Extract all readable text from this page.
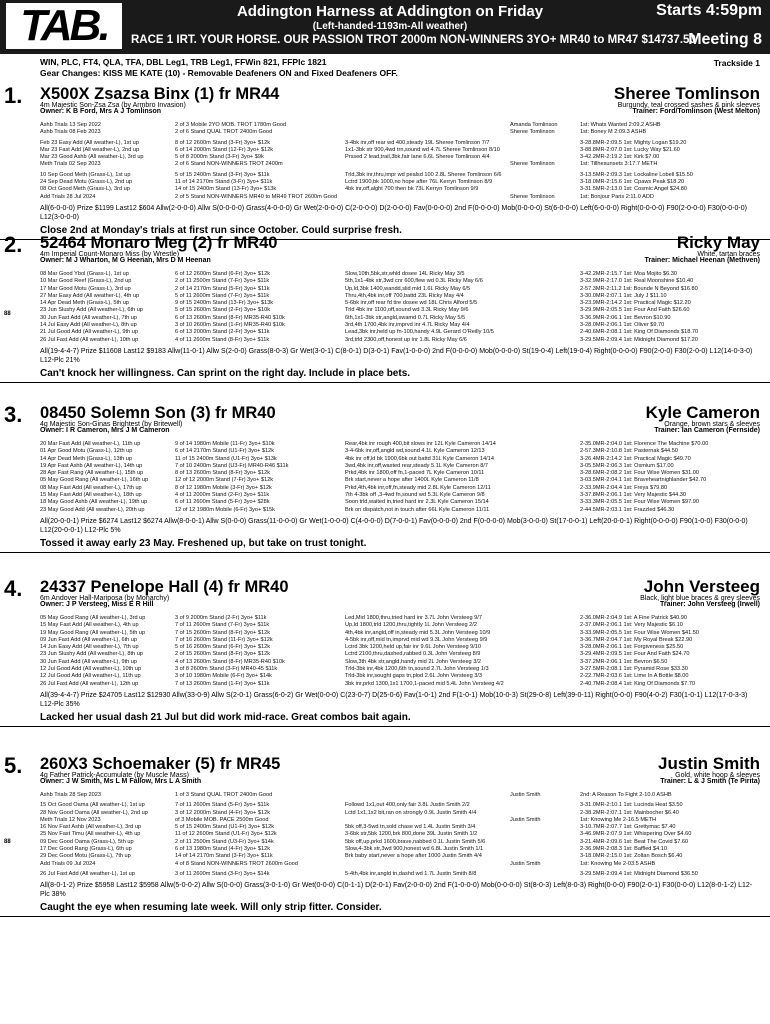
TAB.	Addington Harness at Addington on Friday
(Left-handed-1193m-All weather)
RACE 1 IRT. YOUR HORSE. OUR PASSION TROT 2000m NON-WINNERS 3YO+ MR40 to MR47 $14737.50
Starts 4:59pm
Meeting 8
WIN, PLC, FT4, QLA, TFA, DBL Leg1, TRB Leg1, FFWin 821, FFPlc 1821
Gear Changes: KISS ME KATE (10) - Removable Deafeners ON and Fixed Deafeners OFF.
Trackside 1
1. X500X Zsazsa Binx (1) fr MR44	Sheree Tomlinson
4m Majestic Son-Zsa Zsa (by Armbro Invasion)
Owner: K B Ford, Mrs A J Tomlinson
Burgundy, teal crossed sashes & pink sleeves
Trainer: Ford/Tomlinson (West Melton)
Ashb Trials 13 Sep 2022	2 of 3 Mobile 2YO MOB. TROT 1780m Good	Amanda Tomlinson	1st: Whats Wanted 2:09.2 ASHB
Ashb Trials 08 Feb 2023	2 of 6 Stand QUAL TROT 2400m Good	Sheree Tomlinson	1st: Boney M 2:09.3 ASHB
Feb 23 Easy Add (All weather-L), 1st up	8 of 12 2600m Stand (3-Fr) 3yo+ $12k	3-4bk inr,off rear wd 400,steady 19L Sheree Tomlinson 7/7	3-28.8MR-2:09.5 1st: Mighty Logan $19.20
Mar 23 Fast Add (All weather-L), 2nd up	6 of 14 2000m Stand (12-Fr) 3yo+ $12k	1x1-3bk str 900,4wd trn,sound wd 4.7L Sheree Tomlinson 8/10	3-88.8MR-2:07.0 1st: Lucky Way $21.60
Mar 23 Good Ashb (All weather-L), 3rd up	5 of 8 2000m Stand (3-Fr) 3yo+ $9k	Prssed 2 lead,trail,3bk,fair lane 6.6L Sheree Tomlinson 4/4	3-42.2MR-2:19.2 1st: Kirk $7.00
Meth Trials 02 Sep 2023	2 of 6 Stand NON-WINNERS TROT 2400m	Sheree Tomlinson	1st: Tillhesunsets 3:17.7 METH
10 Sep Good Meth (Grass-L), 1st up	5 of 15 2400m Stand (3-Fr) 3yo+ $11k	Trld,3bk inr,thru,impr wd pealsd 100 2.8L Sheree Tomlinson 6/6	3-13.5MR-2:09.3 1st: Lockaline Lobell $15.50
24 Sep Dead Motu (Grass-L), 2nd up	11 of 14 2170m Stand (3-Fr) 3yo+ $11k	Lctrd 1900,bk 1000,no hope after 76L Kerryn Tomlinson 8/9	3-18.0MR-2:15.6 1st: Cpaws Peak $18.20
08 Oct Good Meth (Grass-L), 3rd up	14 of 15 2400m Stand (13-Fr) 3yo+ $13k	4bk inr,off,alght 700 then bk 73L Kerryn Tomlinson 9/9	3-31.5MR-2:13.0 1st: Cosmic Angel $24.80
Add Trials 28 Jul 2024	2 of 5 Stand NON-WINNERS MR40 to MR49 TROT 2600m Good	Sheree Tomlinson	1st: Bonjour Paris 2:11.0 ADD
All(6-0-0-0) Prize $1199 Last12 $604 Allw(2-0-0-0) Allw S(0-0-0-0) Grass(4-0-0-0) Gr Wet(2-0-0-0) C(2-0-0-0) D(2-0-0-0) Fav(0-0-0-0) 2nd F(0-0-0-0) Mob(0-0-0-0) St(6-0-0-0) Left(6-0-0-0) Right(0-0-0-0) F90(2-0-0-0) F30(0-0-0-0) L12(3-0-0-0)
Close 2nd at Monday's trials at first run since October. Could surprise fresh.
2. 52464 Monaro Meg (2) fr MR40	Ricky May
4m Imperial Count-Monaro Miss (by Wrestle)
Owner: M J Wharton, M G Heenan, Mrs D M Heenan
White, tartan braces
Trainer: Michael Heenan (Methven)
08 Mar Good Ybol (Grass-L), 1st up	6 of 12 2600m Stand (6-Fr) 3yo+ $12k	Slow,10th,5bk,str,whld dosee 14L Ricky May 3/5	3-42.2MR-2:15.7 1st: Moa Mojito $6.30
10 Mar Good Reef (Grass-L), 2nd up	2 of 11 2500m Stand (7-Fr) 3yo+ $11k	5th,1x1-4bk str,3wd cnr 600,flew wd 0.3L Ricky May 6/6	3-32.9MR-2:17.0 1st: Real Moonshine $10.40
17 Mar Good Motu (Grass-L), 3rd up	2 of 14 2170m Stand (5-Fr) 3yo+ $11k	Up,ld,3bk 1400,wandd,slid mid 1.6L Ricky May 6/5	2-57.3MR-2:11.2 1st: Bounde N Beyond $16.80
27 Mar Easy Add (All weather-L), 4th up	5 of 11 2600m Stand (7-Fr) 3yo+ $11k	Thru,4th,4bk inr,off 700,battd 23L Ricky May 4/4	3-30.0MR-2:07.1 1st: July J $11.10
14 Apr Dead Meth (Grass-L), 5th up	9 of 15 2400m Stand (13-Fr) 3yo+ $13k	5-6bk inr,off rear fd tire dosee wd 18L Chris Alford 5/5	3-23.9MR-2:14.2 1st: Practical Magic $12.20
23 Jun Slushy Add (All weather-L), 6th up	5 of 15 2600m Stand (2-Fr) 3yo+ $10k	Trld 4bk inr 1100,off,sound wd 3.3L Ricky May 9/6	3-29.9MR-2:05.5 1st: Four And Faith $26.60
30 Jun Fast Add (All weather-L), 7th up	6 of 13 2600m Stand (8-Fr) MR35-R40 $10k	6th,1x1-3bk str,angld,swamd 0.7L Ricky May 5/5	3-36.9MR-2:06.1 1st: Bevron $10.90
14 Jul Easy Add (All weather-L), 8th up	3 of 10 2600m Stand (1-Fr) MR35-R40 $10k	3rd,4th 1700,4bk inr,imprvd inr 4.7L Ricky May 4/4	3-28.0MR-2:06.1 1st: Oliver $9.70
21 Jul Good Add (All weather-L), 9th up	6 of 13 2000m Stand (2-Fr) 3yo+ $11k	Lead,3bk inr,held up fn-100,handy 4.9L Gerard O'Reilly 10/5	2-40.6MR-2:08.1 1st: King Of Diamonds $18.70
26 Jul Fast Add (All weather-L), 10th up	4 of 11 2600m Stand (8-Fr) 3yo+ $11k	3rd,trld 2300,off,honest up inr 1.8L Ricky May 6/6	3-29.5MR-2:09.4 1st: Midnight Diamond $17.20
88
All(19-4-4-7) Prize $11608 Last12 $9183 Allw(11-0-1) Allw S(2-0-0) Grass(8-0-3) Gr Wet(3-0-1) C(8-0-1) D(3-0-1) Fav(1-0-0-0) 2nd F(0-0-0-0) Mob(0-0-0-0) St(19-0-4) Left(19-0-4) Right(0-0-0-0) F90(2-0-0) F30(2-0-0) L12(14-0-3-0) L12-Plc 21%
Can't knock her willingness. Can sprint on the right day. Include in place bets.
3. 08450 Solemn Son (3) fr MR40	Kyle Cameron
4g Majestic Son-Ginas Brightest (by Britewell)
Owner: I R Cameron, Mrs J M Cameron
Orange, brown stars & sleeves
Trainer: Ian Cameron (Fernside)
20 Mar Fast Add (All weather-L), 11th up	9 of 14 1980m Mobile (11-Fr) 3yo+ $10k	Rear,4bk inr rough 400,bit slows inr 12L Kyle Cameron 14/14	2-35.0MR-2:04.0 1st: Florence The Machine $70.00
01 Apr Good Motu (Grass-L), 12th up	6 of 14 2170m Stand (U1-Fr) 3yo+ $12k	3-4-6bk inr,off,angld wd,sound 4.1L Kyle Cameron 12/13	2-57.3MR-2:10.8 1st: Pasternak $44.50
14 Apr Dead Meth (Grass-L), 13th up	11 of 15 2400m Stand (U1-Fr) 3yo+ $13k	4bk inr off,ld bk 1900,6bk out battd 31L Kyle Cameron 14/14	3-26.4MR-2:14.2 1st: Practical Magic $49.70
19 Apr Fast Ashb (All weather-L), 14th up	7 of 10 2400m Stand (U3-Fr) MR40-R46 $11k	3wd,4bk inr,off,wasted rear,steady 5.1L Kyle Cameron 8/7	3-05.5MR-2:06.3 1st: Osmium $17.00
28 Apr Fast Rang (All weather-L), 15th up	8 of 13 2600m Stand (8-Fr) 3yo+ $12k	Prkd,4bk inr 1800,off fn,1-paced 7L Kyle Cameron 10/11	3-28.6MR-2:08.2 1st: Four Wise Women $31.00
05 May Good Rang (All weather-L), 16th up	12 of 12 2000m Stand (7-Fr) 3yo+ $12k	Brk start,never a hope after 1400L Kyle Cameron 11/8	3-03.5MR-2:04.1 1st: Braveheartnighlander $42.70
08 May Fast Add (All weather-L), 17th up	8 of 12 1980m Mobile (3-Fr) 3yo+ $12k	Prkd,4th,4bk inr,off,fn,steady mid 2.8L Kyle Cameron 12/11	2-33.9MR-2:04.4 1st: Freya $79.80
15 May Fast Add (All weather-L), 18th up	4 of 11 2000m Stand (2-Fr) 3yo+ $11k	7th 4-3bk off ,3-4wd fn,sound wd 5.3L Kyle Cameron 9/8	3-37.8MR-2:06.1 1st: Very Majestic $44.30
18 May Good Ashb (All weather-L), 19th up	6 of 11 2600m Stand (5-Fr) 3yo+ $28k	Soon trld,waited in,tried hard inr 2.3L Kyle Cameron 15/14	3-33.3MR-2:05.5 1st: Four Wise Women $97.90
23 May Good Add (All weather-L), 20th up	12 of 12 1980m Mobile (6-Fr) 3yo+ $15k	Brk on dispatch,not in touch after 66L Kyle Cameron 11/11	2-44.5MR-2:03.1 1st: Frazzled $46.30
All(20-0-0-1) Prize $6274 Last12 $6274 Allw(8-0-0-1) Allw S(0-0-0) Grass(11-0-0-0) Gr Wet(1-0-0-0) C(4-0-0-0) D(7-0-0-1) Fav(0-0-0-0) 2nd F(0-0-0-0) Mob(3-0-0-0) St(17-0-0-1) Left(20-0-0-1) Right(0-0-0-0) F90(1-0-0) F30(0-0-0) L12(20-0-0-1) L12-Plc 5%
Tossed it away early 23 May. Freshened up, but take on trust tonight.
4. 24337 Penelope Hall (4) fr MR40	John Versteeg
6m Andover Hall-Mariposa (by Monarchy)
Owner: J P Versteeg, Miss E R Hill
Black, light blue braces & grey sleeves
Trainer: John Versteeg (Irwell)
05 May Good Rang (All weather-L), 3rd up	3 of 9 2000m Stand (2-Fr) 3yo+ $11k	Led,Mid 1800,thru,tried hard inr 3.7L John Versteeg 9/7	2-36.0MR-2:04.9 1st: A Fine Patrick $40.90
15 May Fast Add (All weather-L), 4th up	7 of 11 2600m Stand (7-Fr) 3yo+ $11k	Up,ld 1800,trld 1200,thru,tightly 1L John Versteeg 2/2	2-37.0MR-2:06.1 1st: Very Majestic $6.10
19 May Good Rang (All weather-L), 5th up	7 of 15 2600m Stand (8-Fr) 3yo+ $12k	4th,4bk inr,angld,off in,steady mid 5.3L John Versteeg 10/9	3-33.9MR-2:05.5 1st: Four Wise Women $41.50
09 Jun Fast Add (All weather-L), 6th up	7 of 16 2600m Stand (11-Fr) 3yo+ $12k	4-5bk inr,off,mid tn,imprvd mid wd 9.3L John Versteeg 9/9	3-36.7MR-2:04.7 1st: My Royal Break $22.90
14 Jun Easy Add (All weather-L), 7th up	5 of 16 2600m Stand (6-Fr) 3yo+ $12k	Lctrd 3bk 1200,held up,fair inr 9.6L John Versteeg 9/10	3-28.0MR-2:06.1 1st: Forgiveness $25.50
23 Jun Slushy Add (All weather-L), 8th up	2 of 15 2600m Stand (8-Fr) 3yo+ $12k	Lctrd 2100,thru,dashed,rabbed 0.3L John Versteeg 8/9	3-29.4MR-2:09.5 1st: Four And Faith $24.70
30 Jun Fast Add (All weather-L), 9th up	4 of 13 2600m Stand (8-Fr) MR35-R40 $10k	Slow,3th 4bk str,angld,handy mid 2L John Versteeg 3/2	3-37.2MR-2:06.1 1st: Bevron $6.50
12 Jul Good Add (All weather-L), 10th up	3 of 8 2600m Stand (3-Fr) MR40-45 $11k	Trld-3bk inr,4bk 1200,6th tn,sound 2.7L John Versteeg 1/3	3-27.5MR-2:08.1 1st: Pyramid Rose $33.30
12 Jul Good Add (All weather-L), 11th up	3 of 10 1980m Mobile (6-Fr) 3yo+ $14k	Trld-3bk inr,sought gaps tn,plod 2.6L John Versteeg 3/3	2-22.7MR-2:03.6 1st: Lime In A Bottle $8.00
26 Jul Fast Add (All weather-L), 12th up	7 of 13 2600m Stand (1-Fr) 3yo+ $11k	3bk inr,prkd 1300,1x1 1700,1-paced mid 5.4L John Versteeg 4/2	2-40.7MR-2:08.4 1st: King Of Diamonds $7.70
All(39-4-4-7) Prize $24705 Last12 $12930 Allw(33-0-9) Allw S(2-0-1) Grass(6-0-2) Gr Wet(0-0-0) C(23-0-7) D(25-0-6) Fav(1-0-1) 2nd F(1-0-1) Mob(10-0-3) St(29-0-8) Left(39-0-11) Right(0-0-0) F90(4-0-2) F30(1-0-1) L12(17-0-3-3) L12-Plc 35%
Lacked her usual dash 21 Jul but did work mid-race. Great combos bait again.
5. 260X3 Schoemaker (5) fr MR45	Justin Smith
4g Father Patrick-Accumulate (by Muscle Mass)
Owner: J W Smith, Ms L M Fallow, Mrs L A Smith
Gold, white hoop & sleeves
Trainer: L & J Smith (Te Pirita)
Ashb Trials 28 Sep 2023	1 of 3 Stand QUAL TROT 2400m Good	Justin Smith	2nd: A Reason To Fight 2-10.0 ASHB
15 Oct Good Oama (All weather-L), 1st up	7 of 11 2600m Stand (5-Fr) 3yo+ $11k	Followd 1x1,out 400,only fair 3.8L Justin Smith 2/2	3-31.0MR-2:10.1 1st: Lucinda Heat $3.50
28 Nov Good Oama (All weather-L), 2nd up	3 of 12 2000m Stand (4-Fr) 3yo+ $12k	Lctd 1x1,1x2 bit,ran on strongly 0.9L Justin Smith 4/4	2-38.2MR-2:07.1 1st: Mainbocher $6.40
Meth Trials 12 Nov 2023	of 3 Mobile MOB. PACE 2500m Good	Justin Smith	1st: Knowing Me 2-16.5 METH
16 Nov Fast Ashb (All weather-L), 3rd up	5 of 15 2400m Stand (U1-Fr) 3yo+ $12k	5bk off,3-5wd tn,sold chase wd 1.4L Justin Smith 3/4	3-10.7MR-2:07.7 1st: Grettymac $7.40
25 Nov Fast Timu (All weather-L), 4th up	11 of 12 2600m Stand (U1-Fr) 3yo+ $12k	3-6bk str,5bk 1200,brk 800,done 39L Justin Smith 1/2	3-46.9MR-2:07.9 1st: Whispering Over $4.60
09 Dec Good Oama (Grass-L), 5th up	2 of 11 2500m Stand (U3-Fr) 3yo+ $14k	5bk off,up,prkd 1600,brave,nabbed 0.1L Justin Smith 5/6	3-21.4MR-2:09.6 1st: Beat The Covid $7.60
17 Dec Good Rang (Grass-L), 6th up	6 of 13 1980m Stand (4-Fr) 3yo+ $12k	Slow,4-3bk str,3wd 900,honest wd 6.8L Justin Smith 1/1	2-36.9MR-2:08.3 1st: Baffled $4.10
29 Dec Good Motu (Grass-L), 7th up	14 of 14 2170m Stand (3-Fr) 3yo+ $11k	Brk baby start,never a hope after 1000 Justin Smith 4/4	3-18.0MR-2:15.0 1st: Zoltan Bosch $6.40
Add Trials 09 Jul 2024	4 of 8 Stand NON-WINNERS TROT 2600m Good	Justin Smith	1st: Knowing Me 2-03.5 ASHB
26 Jul Fast Add (All weather-L), 1st up	3 of 11 2600m Stand (3-Fr) 3yo+ $14k	5-4th,4bk inr,angld tn,dashd wd 1.7L Justin Smith 8/8	3-29.5MR-2:09.4 1st: Midnight Diamond $36.50
88
All(8-0-1-2) Prize $5958 Last12 $5958 Allw(5-0-0-2) Allw S(0-0-0) Grass(3-0-1-0) Gr Wet(0-0-0) C(0-1-1) D(2-0-1) Fav(2-0-0-0) 2nd F(1-0-0-0) Mob(0-0-0-0) St(8-0-3) Left(8-0-3) Right(0-0-0) F90(2-0-1) F30(0-0-0) L12(8-0-1-2) L12-Plc 38%
Caught the eye when resuming late week. Will only strip fitter. Consider.
